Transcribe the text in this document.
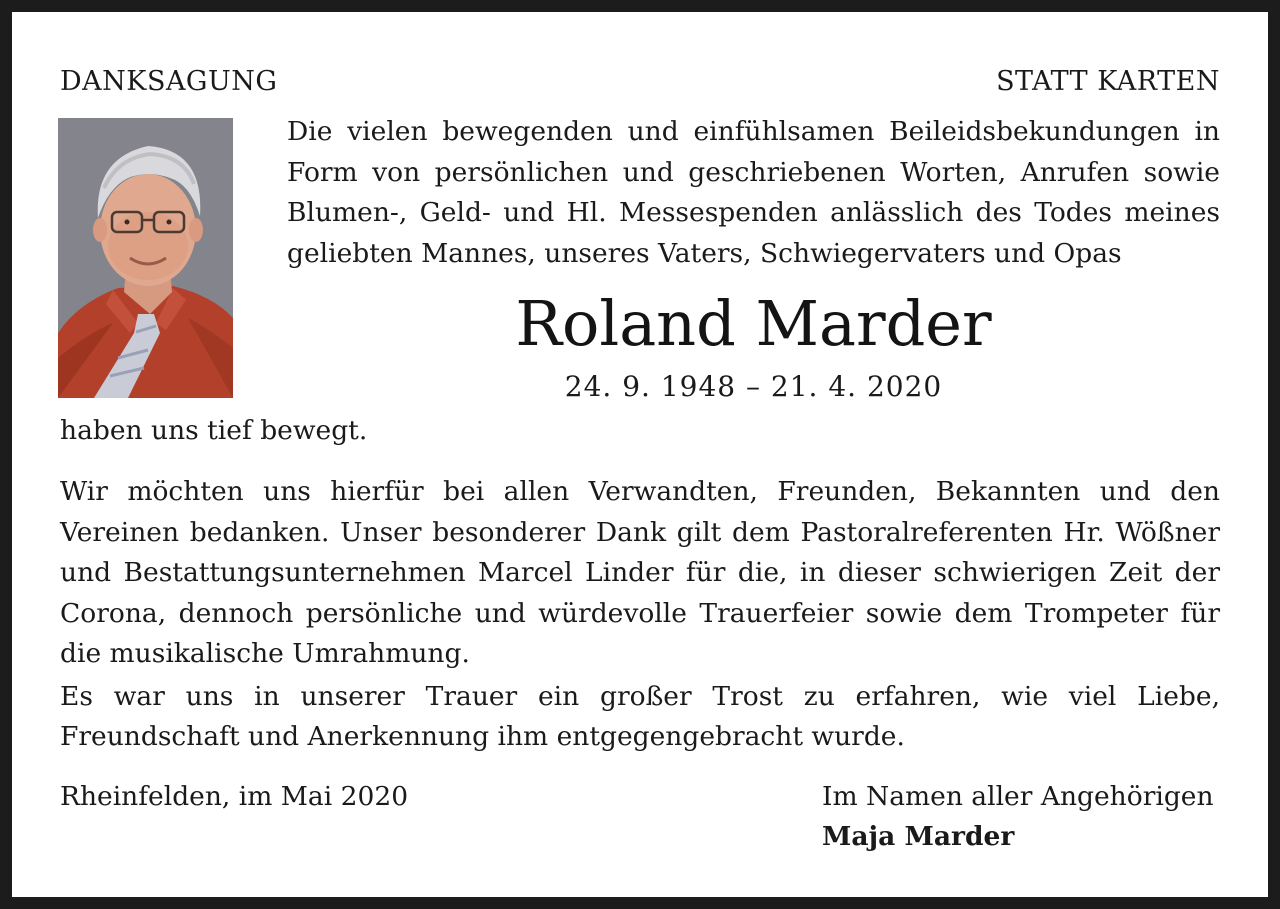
DANKSAGUNG	STATT KARTEN
Die vielen bewegenden und einfühlsamen Beileidsbekundungen in Form von persönlichen und geschriebenen Worten, Anrufen sowie Blumen-, Geld- und Hl. Messespenden anlässlich des Todes meines geliebten Mannes, unseres Vaters, Schwiegervaters und Opas
Roland Marder
24. 9. 1948 – 21. 4. 2020
haben uns tief bewegt.

Wir möchten uns hierfür bei allen Verwandten, Freunden, Bekannten und den Vereinen bedanken. Unser besonderer Dank gilt dem Pastoralreferenten Hr. Wößner und Bestattungsunternehmen Marcel Linder für die, in dieser schwierigen Zeit der Corona, dennoch persönliche und würdevolle Trauerfeier sowie dem Trompeter für die musikalische Umrahmung.

Es war uns in unserer Trauer ein großer Trost zu erfahren, wie viel Liebe, Freundschaft und Anerkennung ihm entgegengebracht wurde.

Rheinfelden, im Mai 2020	Im Namen aller Angehörigen
Maja Marder
